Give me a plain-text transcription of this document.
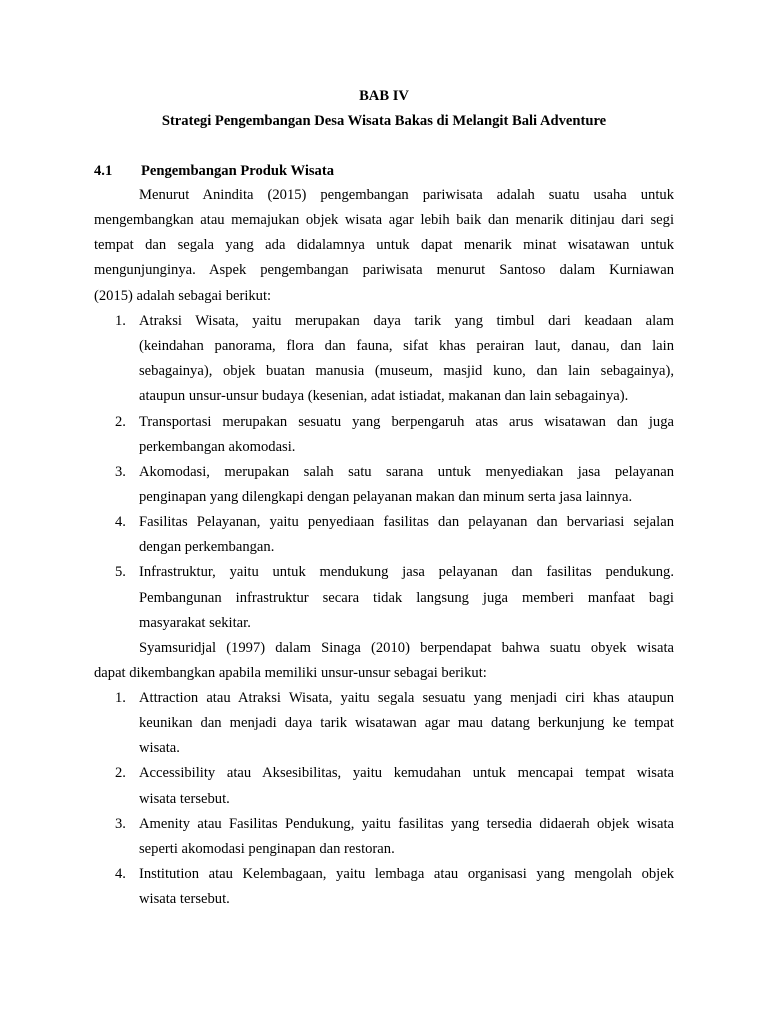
BAB IV
Strategi Pengembangan Desa Wisata Bakas di Melangit Bali Adventure
4.1 Pengembangan Produk Wisata
Menurut Anindita (2015) pengembangan pariwisata adalah suatu usaha untuk
mengembangkan atau memajukan objek wisata agar lebih baik dan menarik ditinjau dari segi
tempat dan segala yang ada didalamnya untuk dapat menarik minat wisatawan untuk
mengunjunginya. Aspek pengembangan pariwisata menurut Santoso dalam Kurniawan
(2015) adalah sebagai berikut:
1. Atraksi Wisata, yaitu merupakan daya tarik yang timbul dari keadaan alam
(keindahan panorama, flora dan fauna, sifat khas perairan laut, danau, dan lain
sebagainya), objek buatan manusia (museum, masjid kuno, dan lain sebagainya),
ataupun unsur-unsur budaya (kesenian, adat istiadat, makanan dan lain sebagainya).
2. Transportasi merupakan sesuatu yang berpengaruh atas arus wisatawan dan juga
perkembangan akomodasi.
3. Akomodasi, merupakan salah satu sarana untuk menyediakan jasa pelayanan
penginapan yang dilengkapi dengan pelayanan makan dan minum serta jasa lainnya.
4. Fasilitas Pelayanan, yaitu penyediaan fasilitas dan pelayanan dan bervariasi sejalan
dengan perkembangan.
5. Infrastruktur, yaitu untuk mendukung jasa pelayanan dan fasilitas pendukung.
Pembangunan infrastruktur secara tidak langsung juga memberi manfaat bagi
masyarakat sekitar.
Syamsuridjal (1997) dalam Sinaga (2010) berpendapat bahwa suatu obyek wisata
dapat dikembangkan apabila memiliki unsur-unsur sebagai berikut:
1. Attraction atau Atraksi Wisata, yaitu segala sesuatu yang menjadi ciri khas ataupun
keunikan dan menjadi daya tarik wisatawan agar mau datang berkunjung ke tempat
wisata.
2. Accessibility atau Aksesibilitas, yaitu kemudahan untuk mencapai tempat wisata
wisata tersebut.
3. Amenity atau Fasilitas Pendukung, yaitu fasilitas yang tersedia didaerah objek wisata
seperti akomodasi penginapan dan restoran.
4. Institution atau Kelembagaan, yaitu lembaga atau organisasi yang mengolah objek
wisata tersebut.
